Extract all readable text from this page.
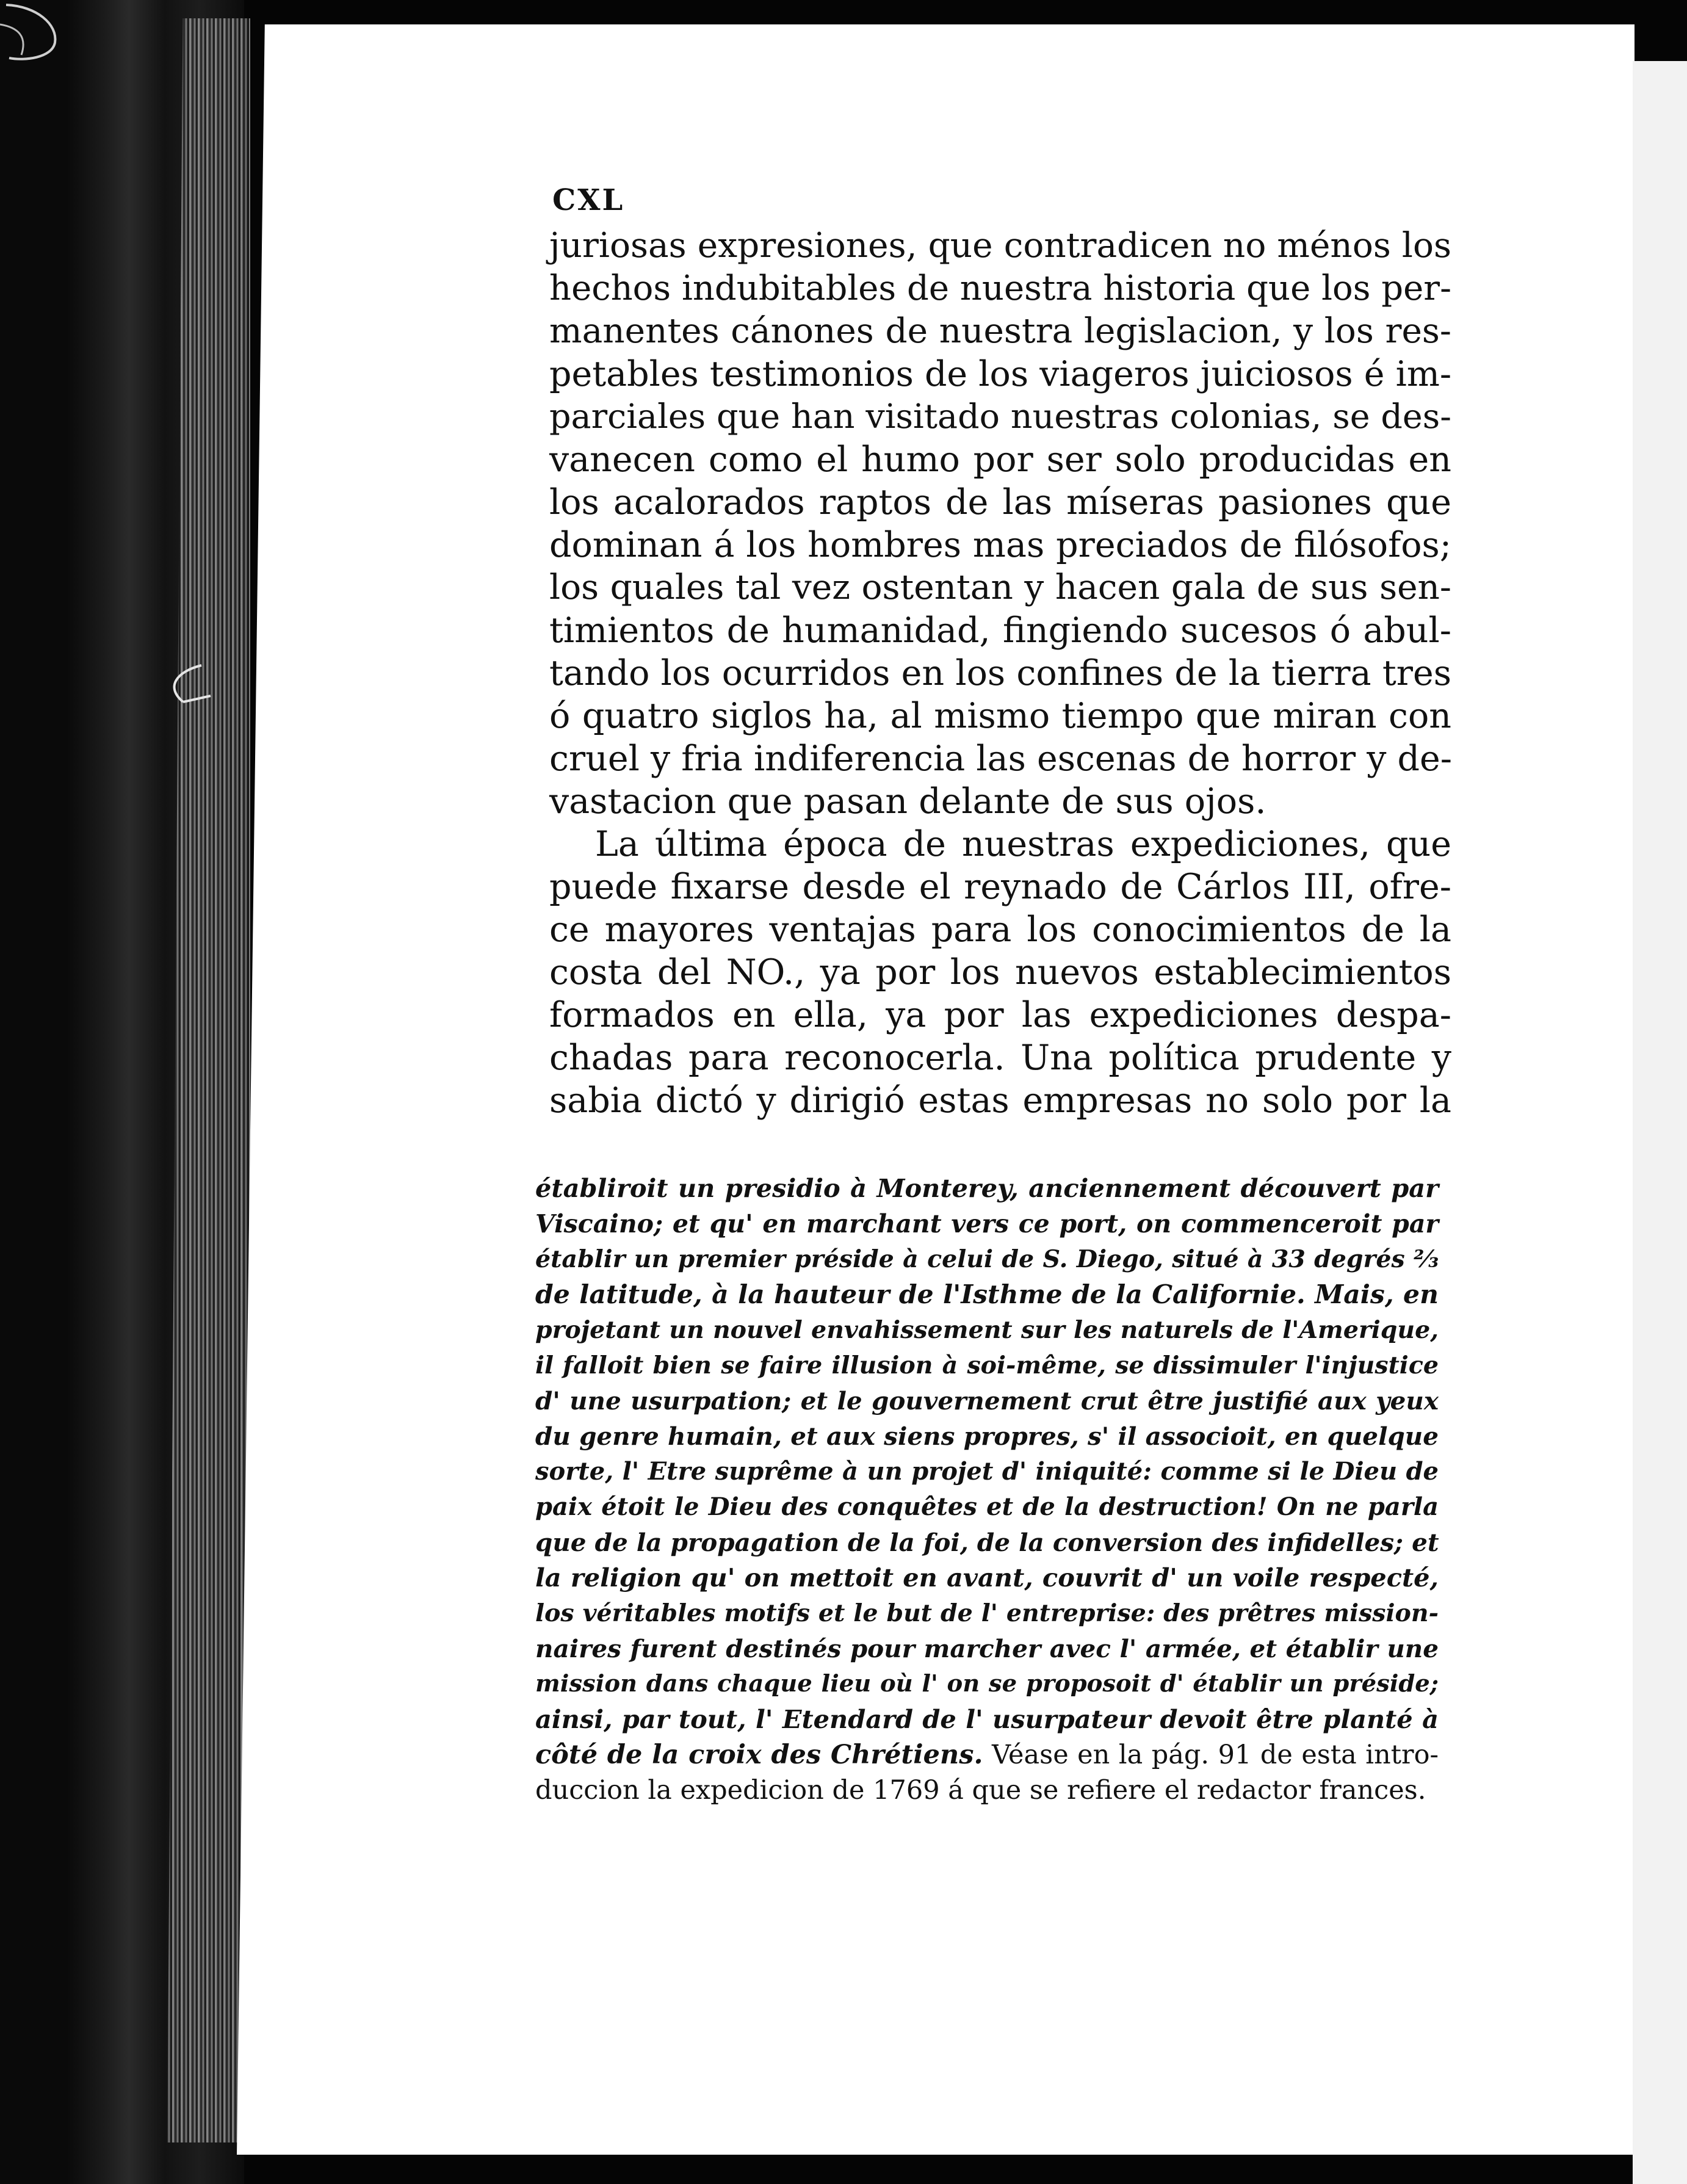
CXL
juriosas expresiones, que contradicen no ménos los
hechos indubitables de nuestra historia que los per-
manentes cánones de nuestra legislacion, y los res-
petables testimonios de los viageros juiciosos é im-
parciales que han visitado nuestras colonias, se des-
vanecen como el humo por ser solo producidas en
los acalorados raptos de las míseras pasiones que
dominan á los hombres mas preciados de filósofos;
los quales tal vez ostentan y hacen gala de sus sen-
timientos de humanidad, fingiendo sucesos ó abul-
tando los ocurridos en los confines de la tierra tres
ó quatro siglos ha, al mismo tiempo que miran con
cruel y fria indiferencia las escenas de horror y de-
vastacion que pasan delante de sus ojos.
La última época de nuestras expediciones, que
puede fixarse desde el reynado de Cárlos III, ofre-
ce mayores ventajas para los conocimientos de la
costa del NO., ya por los nuevos establecimientos
formados en ella, ya por las expediciones despa-
chadas para reconocerla. Una política prudente y
sabia dictó y dirigió estas empresas no solo por la
établiroit un presidio à Monterey, anciennement découvert par
Viscaino; et qu' en marchant vers ce port, on commenceroit par
établir un premier préside à celui de S. Diego, situé à 33 degrés ⅔
de latitude, à la hauteur de l'Isthme de la Californie. Mais, en
projetant un nouvel envahissement sur les naturels de l'Amerique,
il falloit bien se faire illusion à soi-même, se dissimuler l'injustice
d' une usurpation; et le gouvernement crut être justifié aux yeux
du genre humain, et aux siens propres, s' il associoit, en quelque
sorte, l' Etre suprême à un projet d' iniquité: comme si le Dieu de
paix étoit le Dieu des conquêtes et de la destruction! On ne parla
que de la propagation de la foi, de la conversion des infidelles; et
la religion qu' on mettoit en avant, couvrit d' un voile respecté,
los véritables motifs et le but de l' entreprise: des prêtres mission-
naires furent destinés pour marcher avec l' armée, et établir une
mission dans chaque lieu où l' on se proposoit d' établir un préside;
ainsi, par tout, l' Etendard de l' usurpateur devoit être planté à
côté de la croix des Chrétiens. Véase en la pág. 91 de esta intro-
duccion la expedicion de 1769 á que se refiere el redactor frances.
